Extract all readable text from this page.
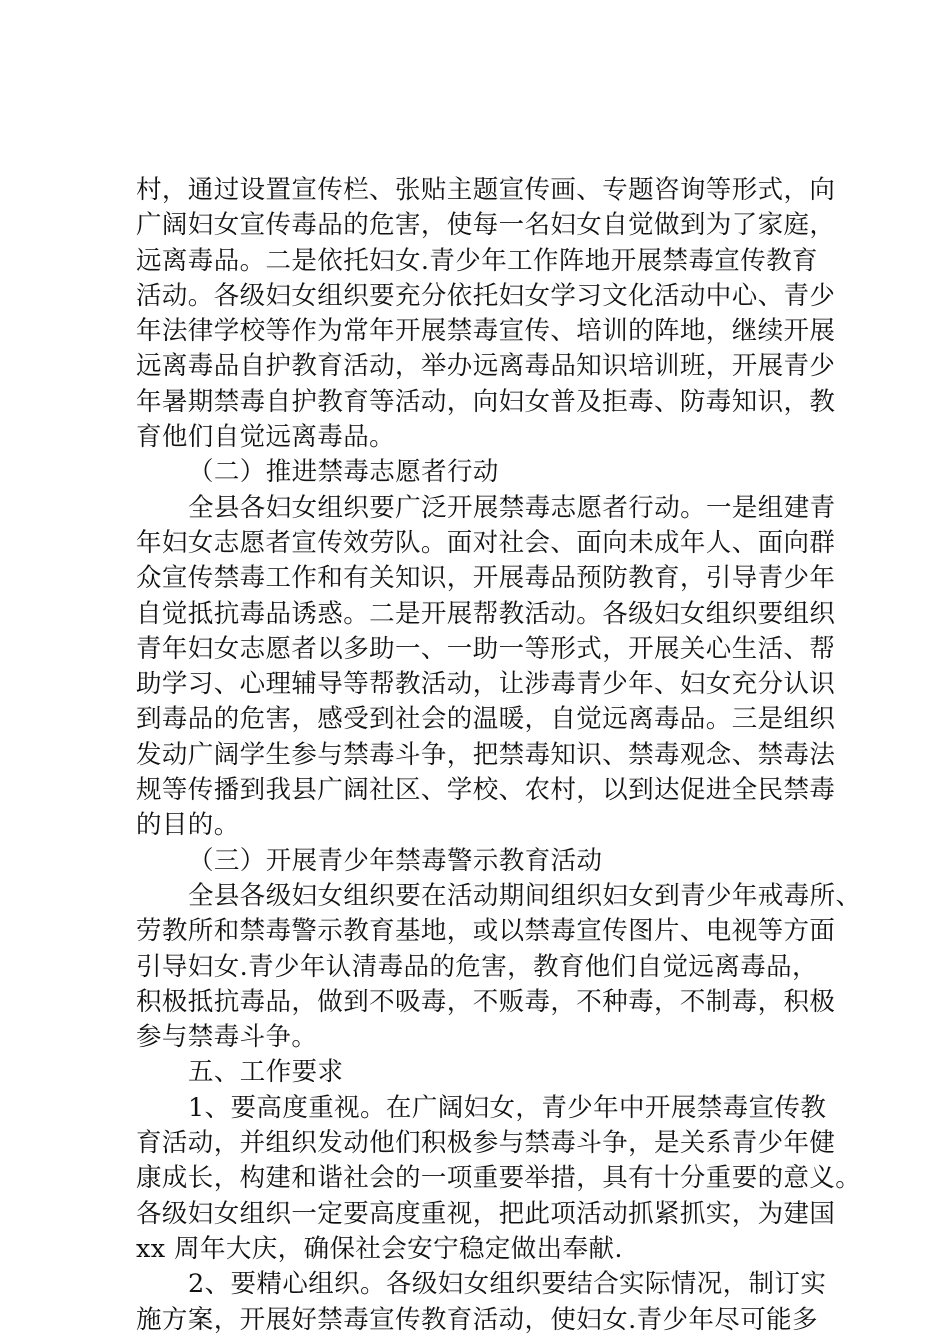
村，通过设置宣传栏、张贴主题宣传画、专题咨询等形式，向
广阔妇女宣传毒品的危害，使每一名妇女自觉做到为了家庭，
远离毒品。二是依托妇女.青少年工作阵地开展禁毒宣传教育
活动。各级妇女组织要充分依托妇女学习文化活动中心、青少
年法律学校等作为常年开展禁毒宣传、培训的阵地，继续开展
远离毒品自护教育活动，举办远离毒品知识培训班，开展青少
年暑期禁毒自护教育等活动，向妇女普及拒毒、防毒知识，教
育他们自觉远离毒品。
（二）推进禁毒志愿者行动
全县各妇女组织要广泛开展禁毒志愿者行动。一是组建青
年妇女志愿者宣传效劳队。面对社会、面向未成年人、面向群
众宣传禁毒工作和有关知识，开展毒品预防教育，引导青少年
自觉抵抗毒品诱惑。二是开展帮教活动。各级妇女组织要组织
青年妇女志愿者以多助一、一助一等形式，开展关心生活、帮
助学习、心理辅导等帮教活动，让涉毒青少年、妇女充分认识
到毒品的危害，感受到社会的温暖，自觉远离毒品。三是组织
发动广阔学生参与禁毒斗争，把禁毒知识、禁毒观念、禁毒法
规等传播到我县广阔社区、学校、农村，以到达促进全民禁毒
的目的。
（三）开展青少年禁毒警示教育活动
全县各级妇女组织要在活动期间组织妇女到青少年戒毒所、
劳教所和禁毒警示教育基地，或以禁毒宣传图片、电视等方面
引导妇女.青少年认清毒品的危害，教育他们自觉远离毒品，
积极抵抗毒品，做到不吸毒，不贩毒，不种毒，不制毒，积极
参与禁毒斗争。
五、工作要求
1、要高度重视。在广阔妇女，青少年中开展禁毒宣传教
育活动，并组织发动他们积极参与禁毒斗争，是关系青少年健
康成长，构建和谐社会的一项重要举措，具有十分重要的意义。
各级妇女组织一定要高度重视，把此项活动抓紧抓实，为建国
xx 周年大庆，确保社会安宁稳定做出奉献.
2、要精心组织。各级妇女组织要结合实际情况，制订实
施方案，开展好禁毒宣传教育活动，使妇女.青少年尽可能多
